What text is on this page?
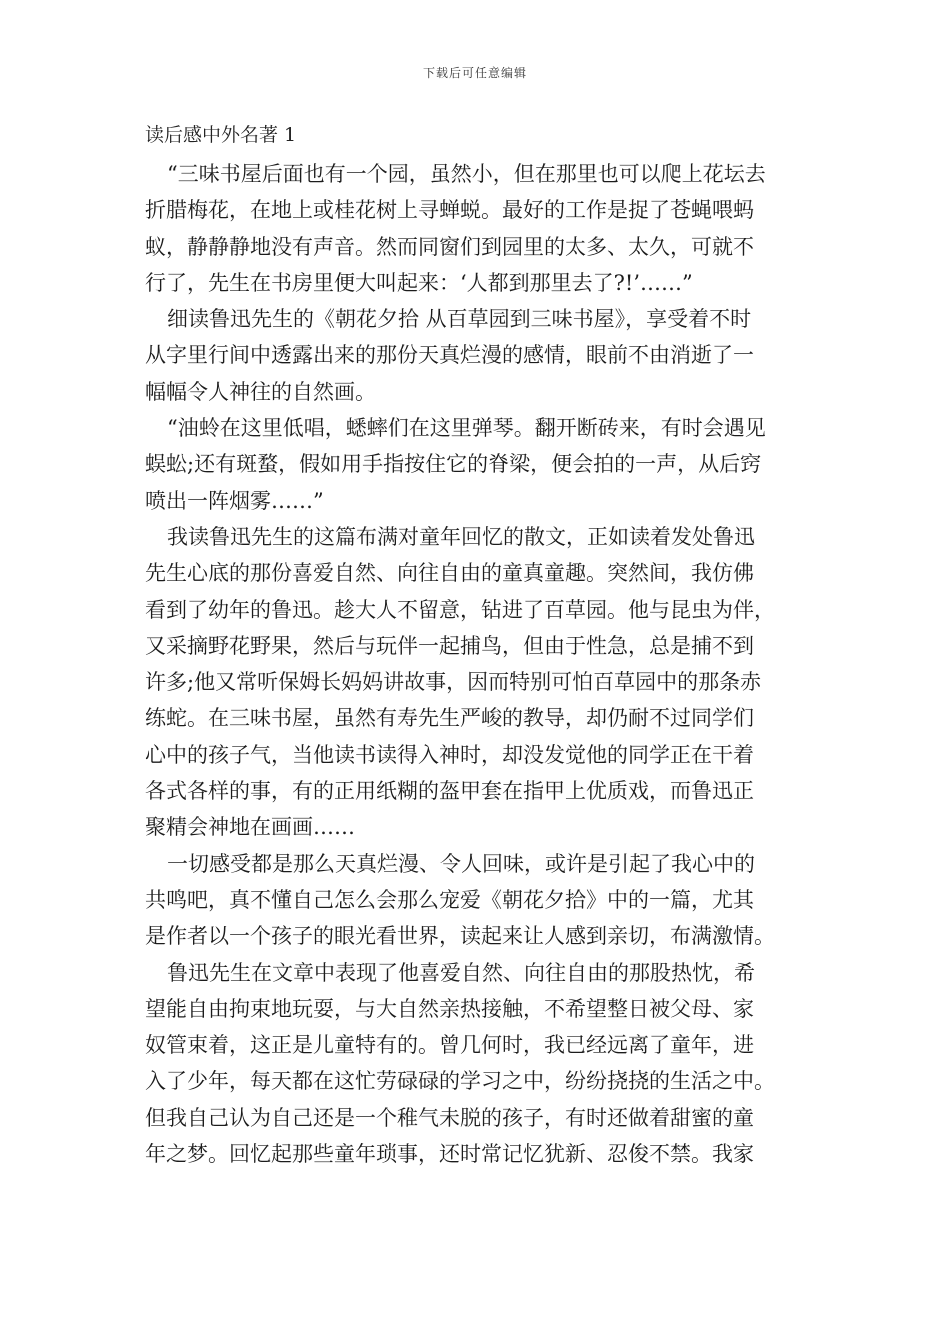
下载后可任意编辑
读后感中外名著 1
“三味书屋后面也有一个园，虽然小，但在那里也可以爬上花坛去
折腊梅花，在地上或桂花树上寻蝉蜕。最好的工作是捉了苍蝇喂蚂
蚁，静静静地没有声音。然而同窗们到园里的太多、太久，可就不
行了，先生在书房里便大叫起来：‘人都到那里去了?!’……”
细读鲁迅先生的《朝花夕拾 从百草园到三味书屋》，享受着不时
从字里行间中透露出来的那份天真烂漫的感情，眼前不由消逝了一
幅幅令人神往的自然画。
“油蛉在这里低唱，蟋蟀们在这里弹琴。翻开断砖来，有时会遇见
蜈蚣;还有斑蝥，假如用手指按住它的脊梁，便会拍的一声，从后窍
喷出一阵烟雾……”
我读鲁迅先生的这篇布满对童年回忆的散文，正如读着发处鲁迅
先生心底的那份喜爱自然、向往自由的童真童趣。突然间，我仿佛
看到了幼年的鲁迅。趁大人不留意，钻进了百草园。他与昆虫为伴，
又采摘野花野果，然后与玩伴一起捕鸟，但由于性急，总是捕不到
许多;他又常听保姆长妈妈讲故事，因而特别可怕百草园中的那条赤
练蛇。在三味书屋，虽然有寿先生严峻的教导，却仍耐不过同学们
心中的孩子气，当他读书读得入神时，却没发觉他的同学正在干着
各式各样的事，有的正用纸糊的盔甲套在指甲上优质戏，而鲁迅正
聚精会神地在画画……
一切感受都是那么天真烂漫、令人回味，或许是引起了我心中的
共鸣吧，真不懂自己怎么会那么宠爱《朝花夕拾》中的一篇，尤其
是作者以一个孩子的眼光看世界，读起来让人感到亲切，布满激情。
鲁迅先生在文章中表现了他喜爱自然、向往自由的那股热忱，希
望能自由拘束地玩耍，与大自然亲热接触，不希望整日被父母、家
奴管束着，这正是儿童特有的。曾几何时，我已经远离了童年，进
入了少年，每天都在这忙劳碌碌的学习之中，纷纷挠挠的生活之中。
但我自己认为自己还是一个稚气未脱的孩子，有时还做着甜蜜的童
年之梦。回忆起那些童年琐事，还时常记忆犹新、忍俊不禁。我家
